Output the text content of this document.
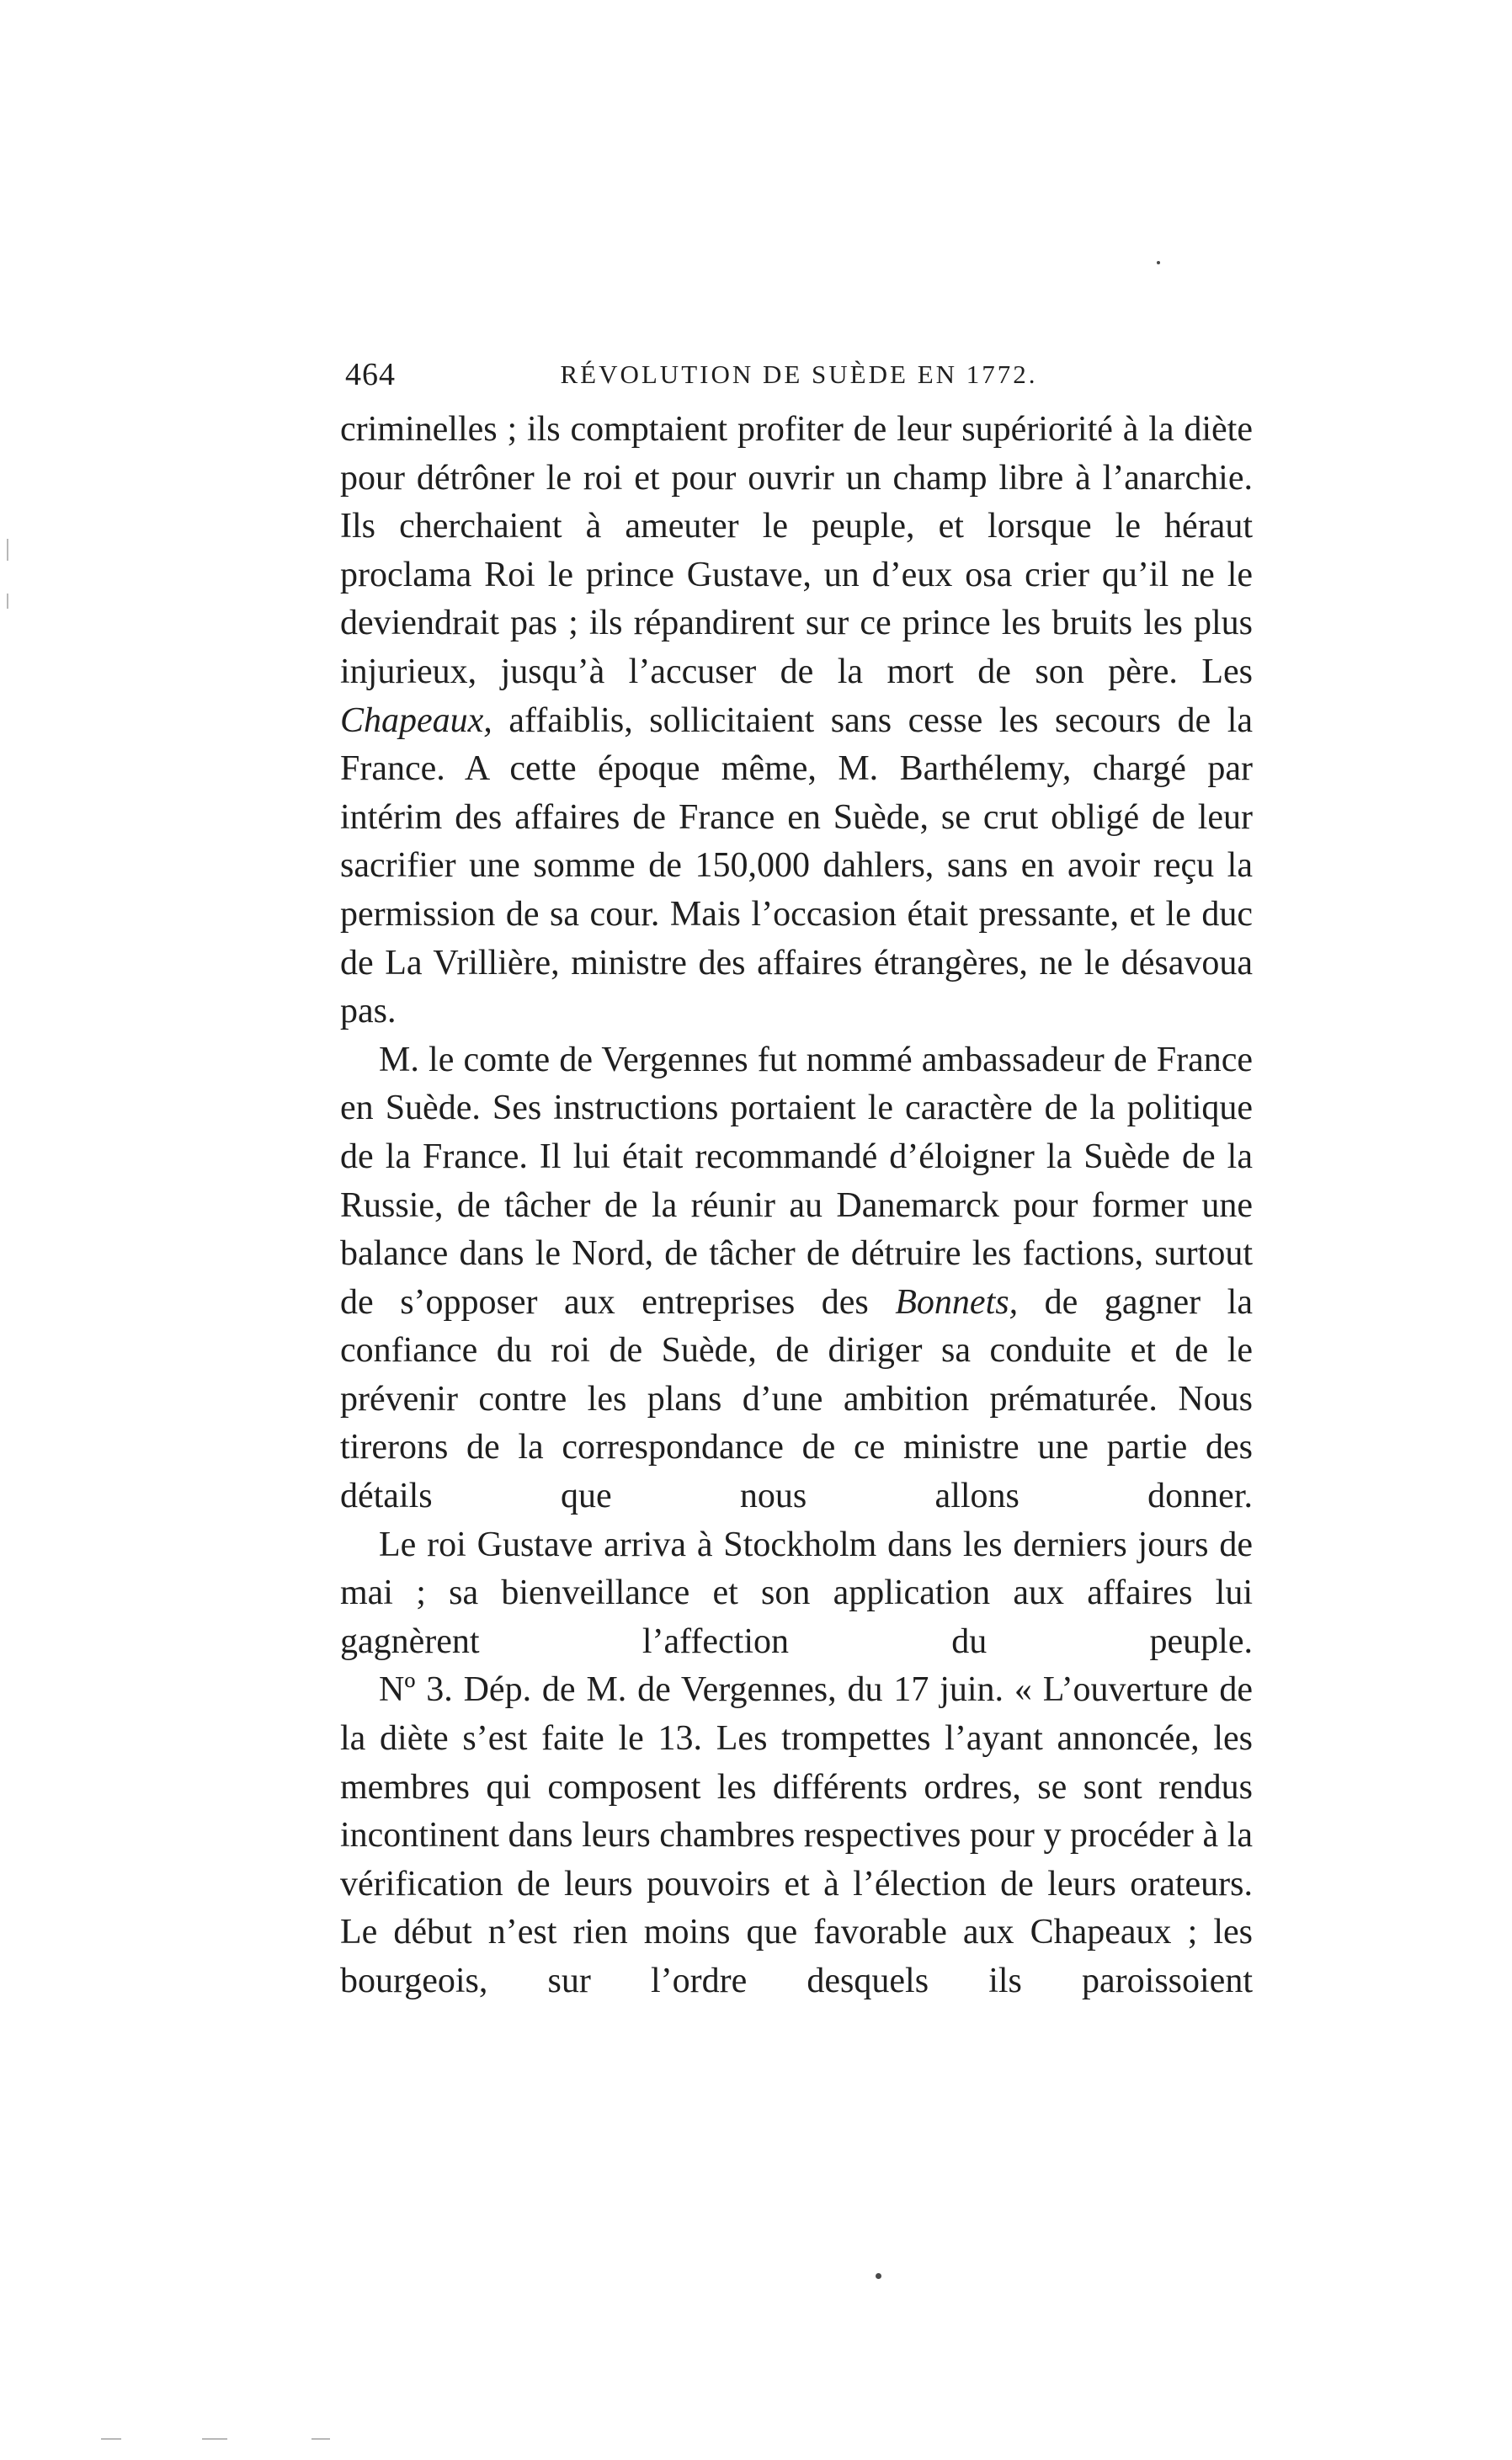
464	RÉVOLUTION DE SUÈDE EN 1772.

criminelles ; ils comptaient profiter de leur supériorité à la diète pour détrôner le roi et pour ouvrir un champ libre à l’anarchie. Ils cherchaient à ameuter le peuple, et lorsque le héraut proclama Roi le prince Gustave, un d’eux osa crier qu’il ne le deviendrait pas ; ils répandirent sur ce prince les bruits les plus injurieux, jusqu’à l’accuser de la mort de son père. Les Chapeaux, affaiblis, sollicitaient sans cesse les secours de la France. A cette époque même, M. Barthélemy, chargé par intérim des affaires de France en Suède, se crut obligé de leur sacrifier une somme de 150,000 dahlers, sans en avoir reçu la permission de sa cour. Mais l’occasion était pressante, et le duc de La Vrillière, ministre des affaires étrangères, ne le désavoua pas.

M. le comte de Vergennes fut nommé ambassadeur de France en Suède. Ses instructions portaient le caractère de la politique de la France. Il lui était recommandé d’éloigner la Suède de la Russie, de tâcher de la réunir au Danemarck pour former une balance dans le Nord, de tâcher de détruire les factions, surtout de s’opposer aux entreprises des Bonnets, de gagner la confiance du roi de Suède, de diriger sa conduite et de le prévenir contre les plans d’une ambition prématurée. Nous tirerons de la correspondance de ce ministre une partie des détails que nous allons donner.

Le roi Gustave arriva à Stockholm dans les derniers jours de mai ; sa bienveillance et son application aux affaires lui gagnèrent l’affection du peuple.

Nº 3. Dép. de M. de Vergennes, du 17 juin. « L’ouverture de la diète s’est faite le 13. Les trompettes l’ayant annoncée, les membres qui composent les différents ordres, se sont rendus incontinent dans leurs chambres respectives pour y procéder à la vérification de leurs pouvoirs et à l’élection de leurs orateurs. Le début n’est rien moins que favorable aux Chapeaux ; les bourgeois, sur l’ordre desquels ils paroissoient
